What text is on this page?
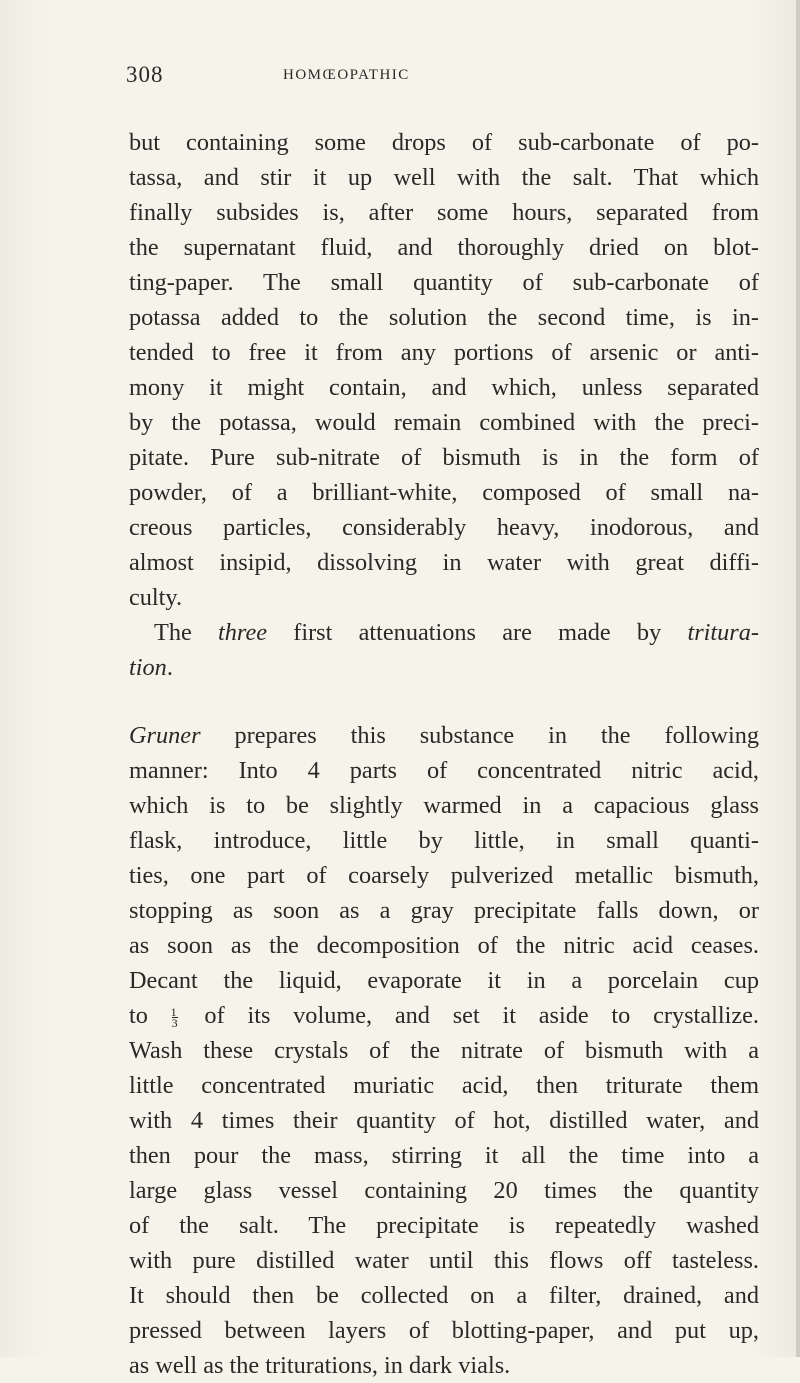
308	HOMŒOPATHIC

but containing some drops of sub-carbonate of po-
tassa, and stir it up well with the salt. That which
finally subsides is, after some hours, separated from
the supernatant fluid, and thoroughly dried on blot-
ting-paper. The small quantity of sub-carbonate of
potassa added to the solution the second time, is in-
tended to free it from any portions of arsenic or anti-
mony it might contain, and which, unless separated
by the potassa, would remain combined with the preci-
pitate. Pure sub-nitrate of bismuth is in the form of
powder, of a brilliant-white, composed of small na-
creous particles, considerably heavy, inodorous, and
almost insipid, dissolving in water with great diffi-
culty.

The three first attenuations are made by tritura-
tion.

Gruner prepares this substance in the following
manner: Into 4 parts of concentrated nitric acid,
which is to be slightly warmed in a capacious glass
flask, introduce, little by little, in small quanti-
ties, one part of coarsely pulverized metallic bismuth,
stopping as soon as a gray precipitate falls down, or
as soon as the decomposition of the nitric acid ceases.
Decant the liquid, evaporate it in a porcelain cup
to $\frac{1}{3}$ of its volume, and set it aside to crystallize.
Wash these crystals of the nitrate of bismuth with a
little concentrated muriatic acid, then triturate them
with 4 times their quantity of hot, distilled water, and
then pour the mass, stirring it all the time into a
large glass vessel containing 20 times the quantity
of the salt. The precipitate is repeatedly washed
with pure distilled water until this flows off tasteless.
It should then be collected on a filter, drained, and
pressed between layers of blotting-paper, and put up,
as well as the triturations, in dark vials.
